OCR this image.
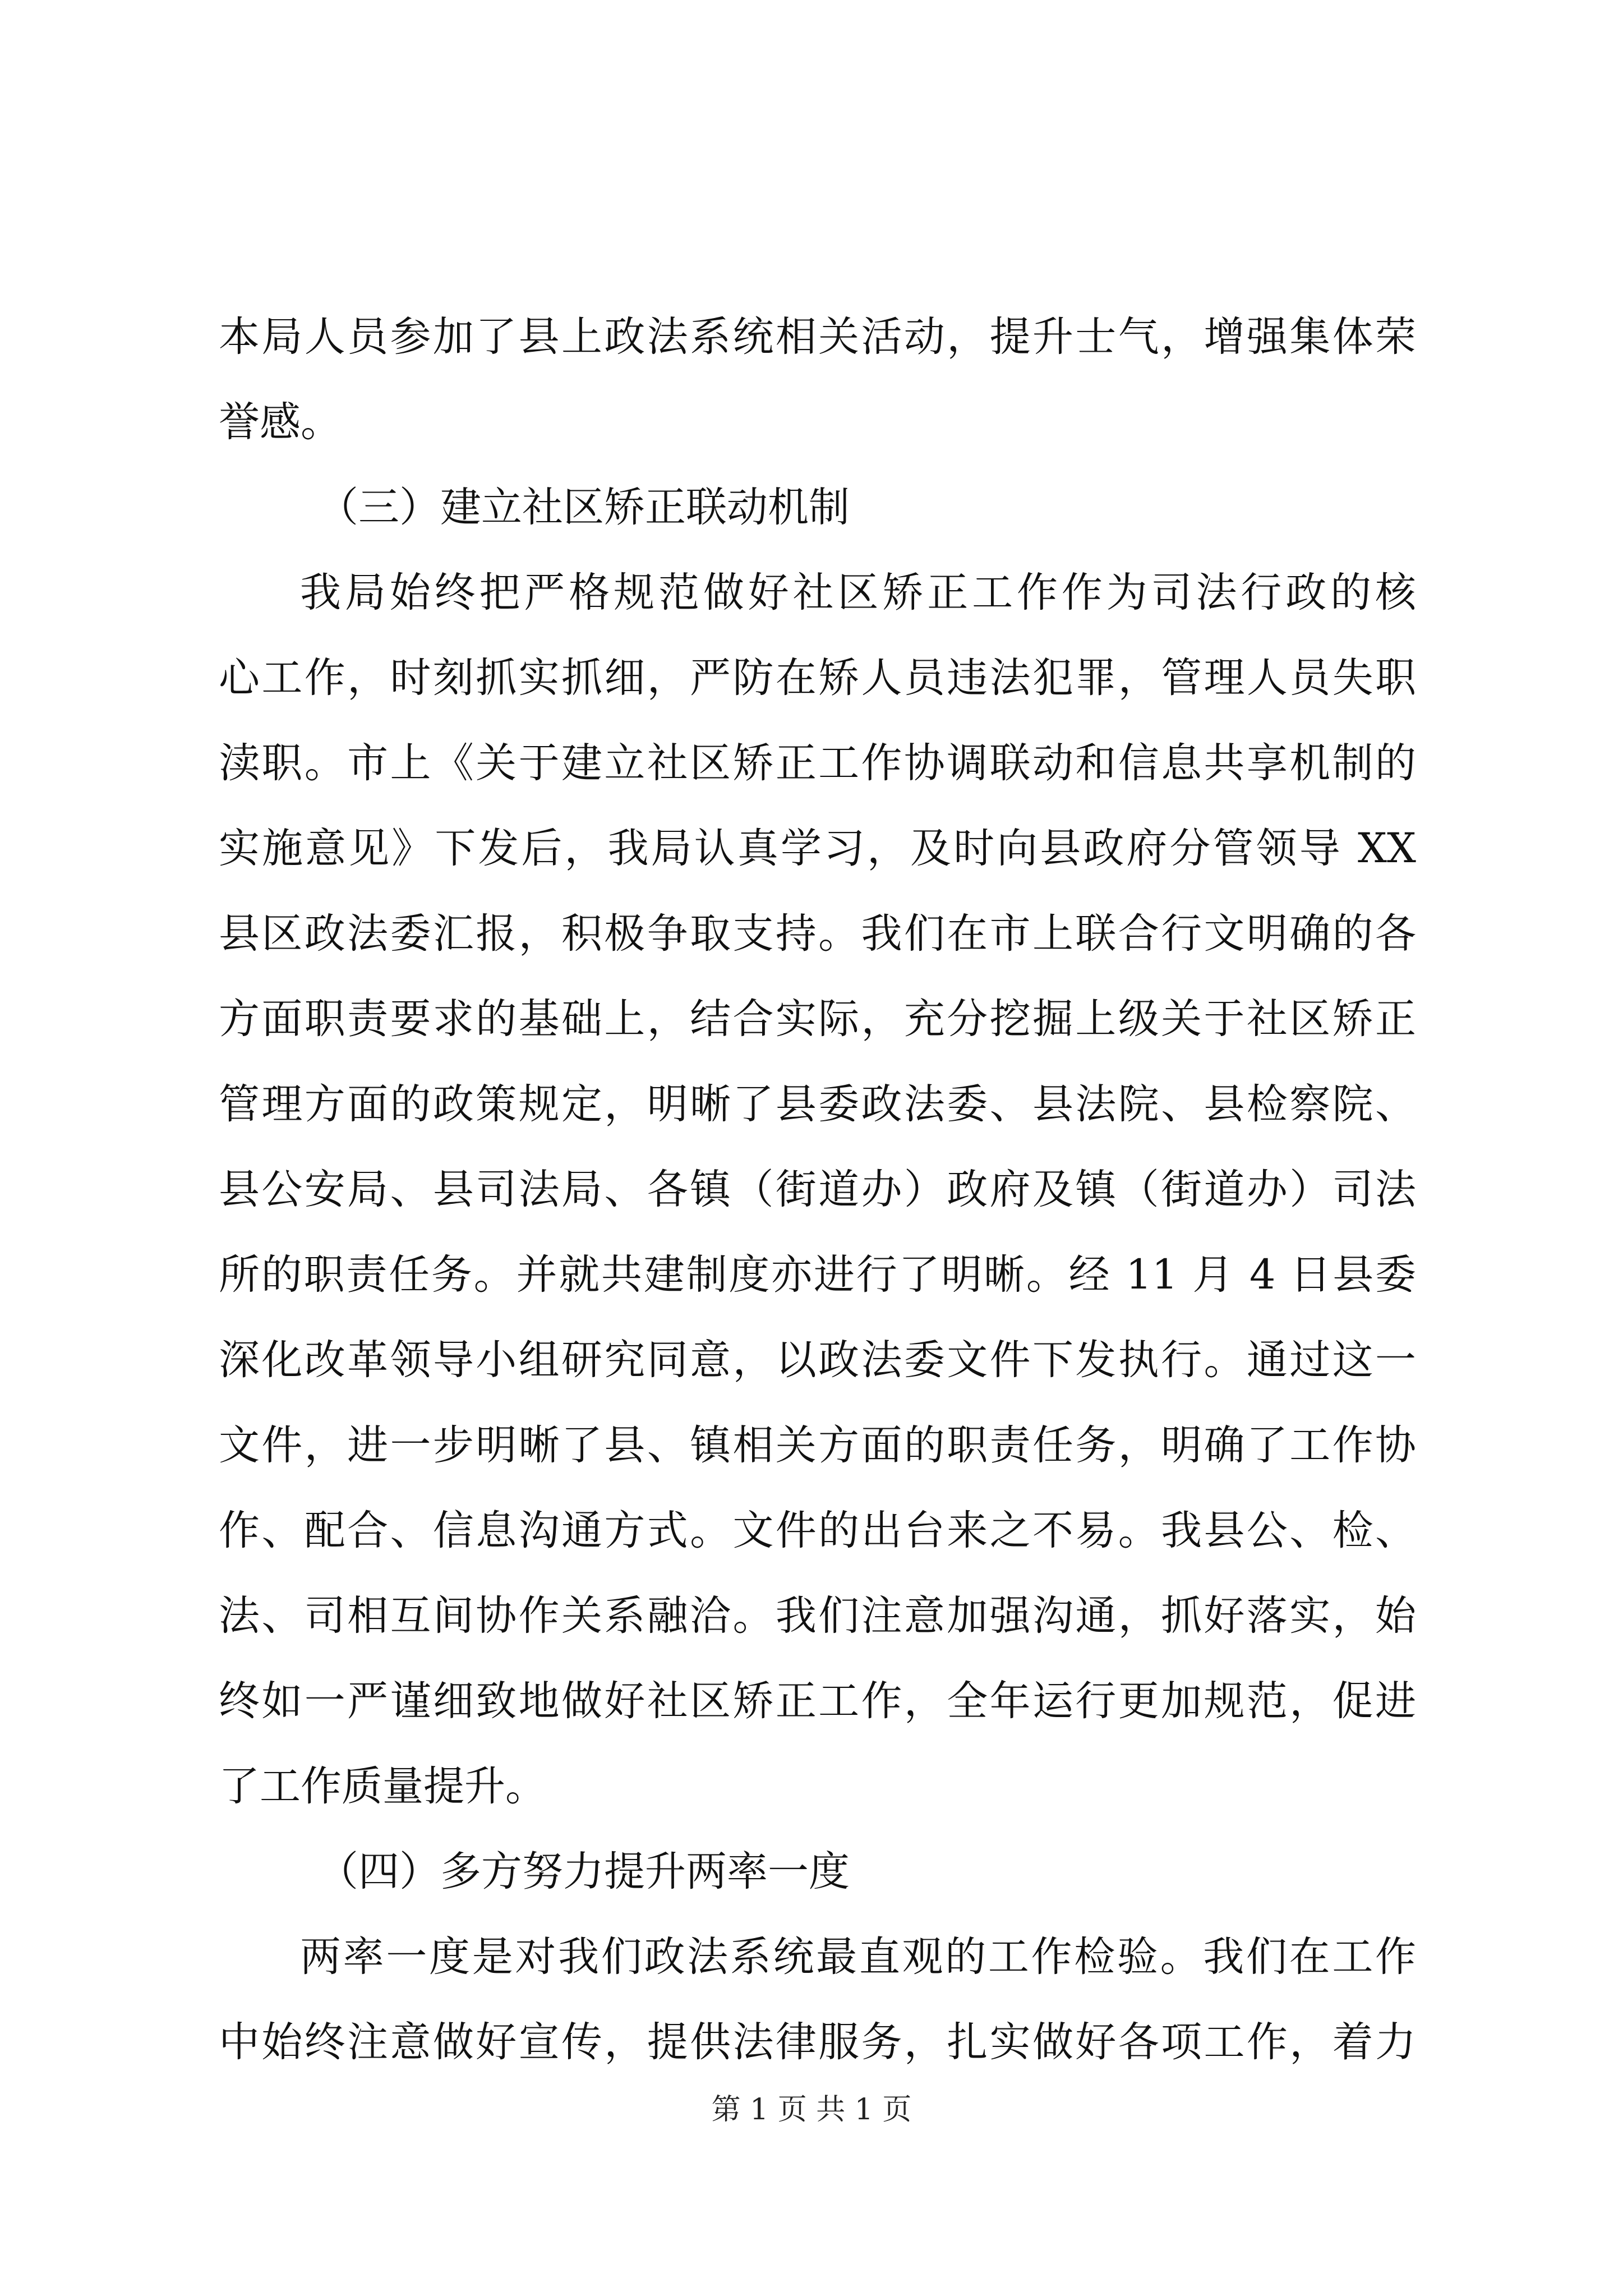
本局人员参加了县上政法系统相关活动，提升士气，增强集体荣
誉感。
（三）建立社区矫正联动机制
我局始终把严格规范做好社区矫正工作作为司法行政的核
心工作，时刻抓实抓细，严防在矫人员违法犯罪，管理人员失职
渎职。市上《关于建立社区矫正工作协调联动和信息共享机制的
实施意见》下发后，我局认真学习，及时向县政府分管领导 XX
县区政法委汇报，积极争取支持。我们在市上联合行文明确的各
方面职责要求的基础上，结合实际，充分挖掘上级关于社区矫正
管理方面的政策规定，明晰了县委政法委、县法院、县检察院、
县公安局、县司法局、各镇（街道办）政府及镇（街道办）司法
所的职责任务。并就共建制度亦进行了明晰。经 11 月 4 日县委
深化改革领导小组研究同意，以政法委文件下发执行。通过这一
文件，进一步明晰了县、镇相关方面的职责任务，明确了工作协
作、配合、信息沟通方式。文件的出台来之不易。我县公、检、
法、司相互间协作关系融洽。我们注意加强沟通，抓好落实，始
终如一严谨细致地做好社区矫正工作，全年运行更加规范，促进
了工作质量提升。
（四）多方努力提升两率一度
两率一度是对我们政法系统最直观的工作检验。我们在工作
中始终注意做好宣传，提供法律服务，扎实做好各项工作，着力
第 1 页 共 1 页
